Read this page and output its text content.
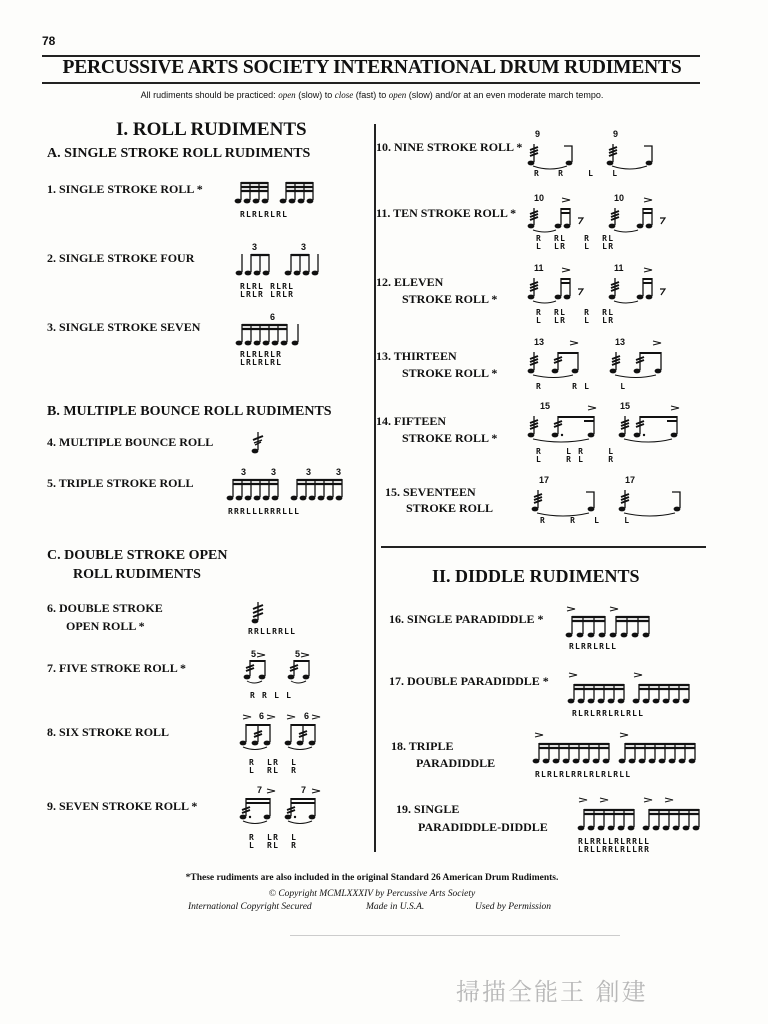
78
PERCUSSIVE ARTS SOCIETY INTERNATIONAL DRUM RUDIMENTS
All rudiments should be practiced: open (slow) to close (fast) to open (slow) and/or at an even moderate march tempo.
I. ROLL RUDIMENTS
A. SINGLE STROKE ROLL RUDIMENTS
1. SINGLE STROKE ROLL *
RLRLRLRL
2. SINGLE STROKE FOUR
3	3
RLRL RLRL
LRLR LRLR
3. SINGLE STROKE SEVEN
6
RLRLRLR
LRLRLRL
B. MULTIPLE BOUNCE ROLL RUDIMENTS
4. MULTIPLE BOUNCE ROLL
5. TRIPLE STROKE ROLL
3	3	3	3
RRRLLLRRRLLL
C. DOUBLE STROKE OPEN
ROLL RUDIMENTS
6. DOUBLE STROKE
OPEN ROLL *	RRLLRRLL
7. FIVE STROKE ROLL *
5	5
R R L L
8. SIX STROKE ROLL
6	6
R  LR  L
L  RL  R
9. SEVEN STROKE ROLL *
7	7
R  LR  L
L  RL  R
10. NINE STROKE ROLL *
9	9
R   R    L   L
11. TEN STROKE ROLL *
10	10
R  RL   R  RL
L  LR   L  LR
12. ELEVEN
STROKE ROLL *
11	11
R  RL   R  RL
L  LR   L  LR
13. THIRTEEN
STROKE ROLL *
13	13
R     R L     L
14. FIFTEEN
STROKE ROLL *
15	15
R    L R    L
L    R L    R
15. SEVENTEEN
STROKE ROLL
17	17
R    R   L    L
II. DIDDLE RUDIMENTS
16. SINGLE PARADIDDLE *
RLRRLRLL
17. DOUBLE PARADIDDLE *
RLRLRRLRLRLL
18. TRIPLE
PARADIDDLE
RLRLRLRRLRLRLRLL
19. SINGLE
PARADIDDLE-DIDDLE
RLRRLLRLRRLL
LRLLRRLRLLRR
*These rudiments are also included in the original Standard 26 American Drum Rudiments.
© Copyright MCMLXXXIV by Percussive Arts Society
International Copyright Secured	Made in U.S.A.	Used by Permission
掃描全能王 創建
